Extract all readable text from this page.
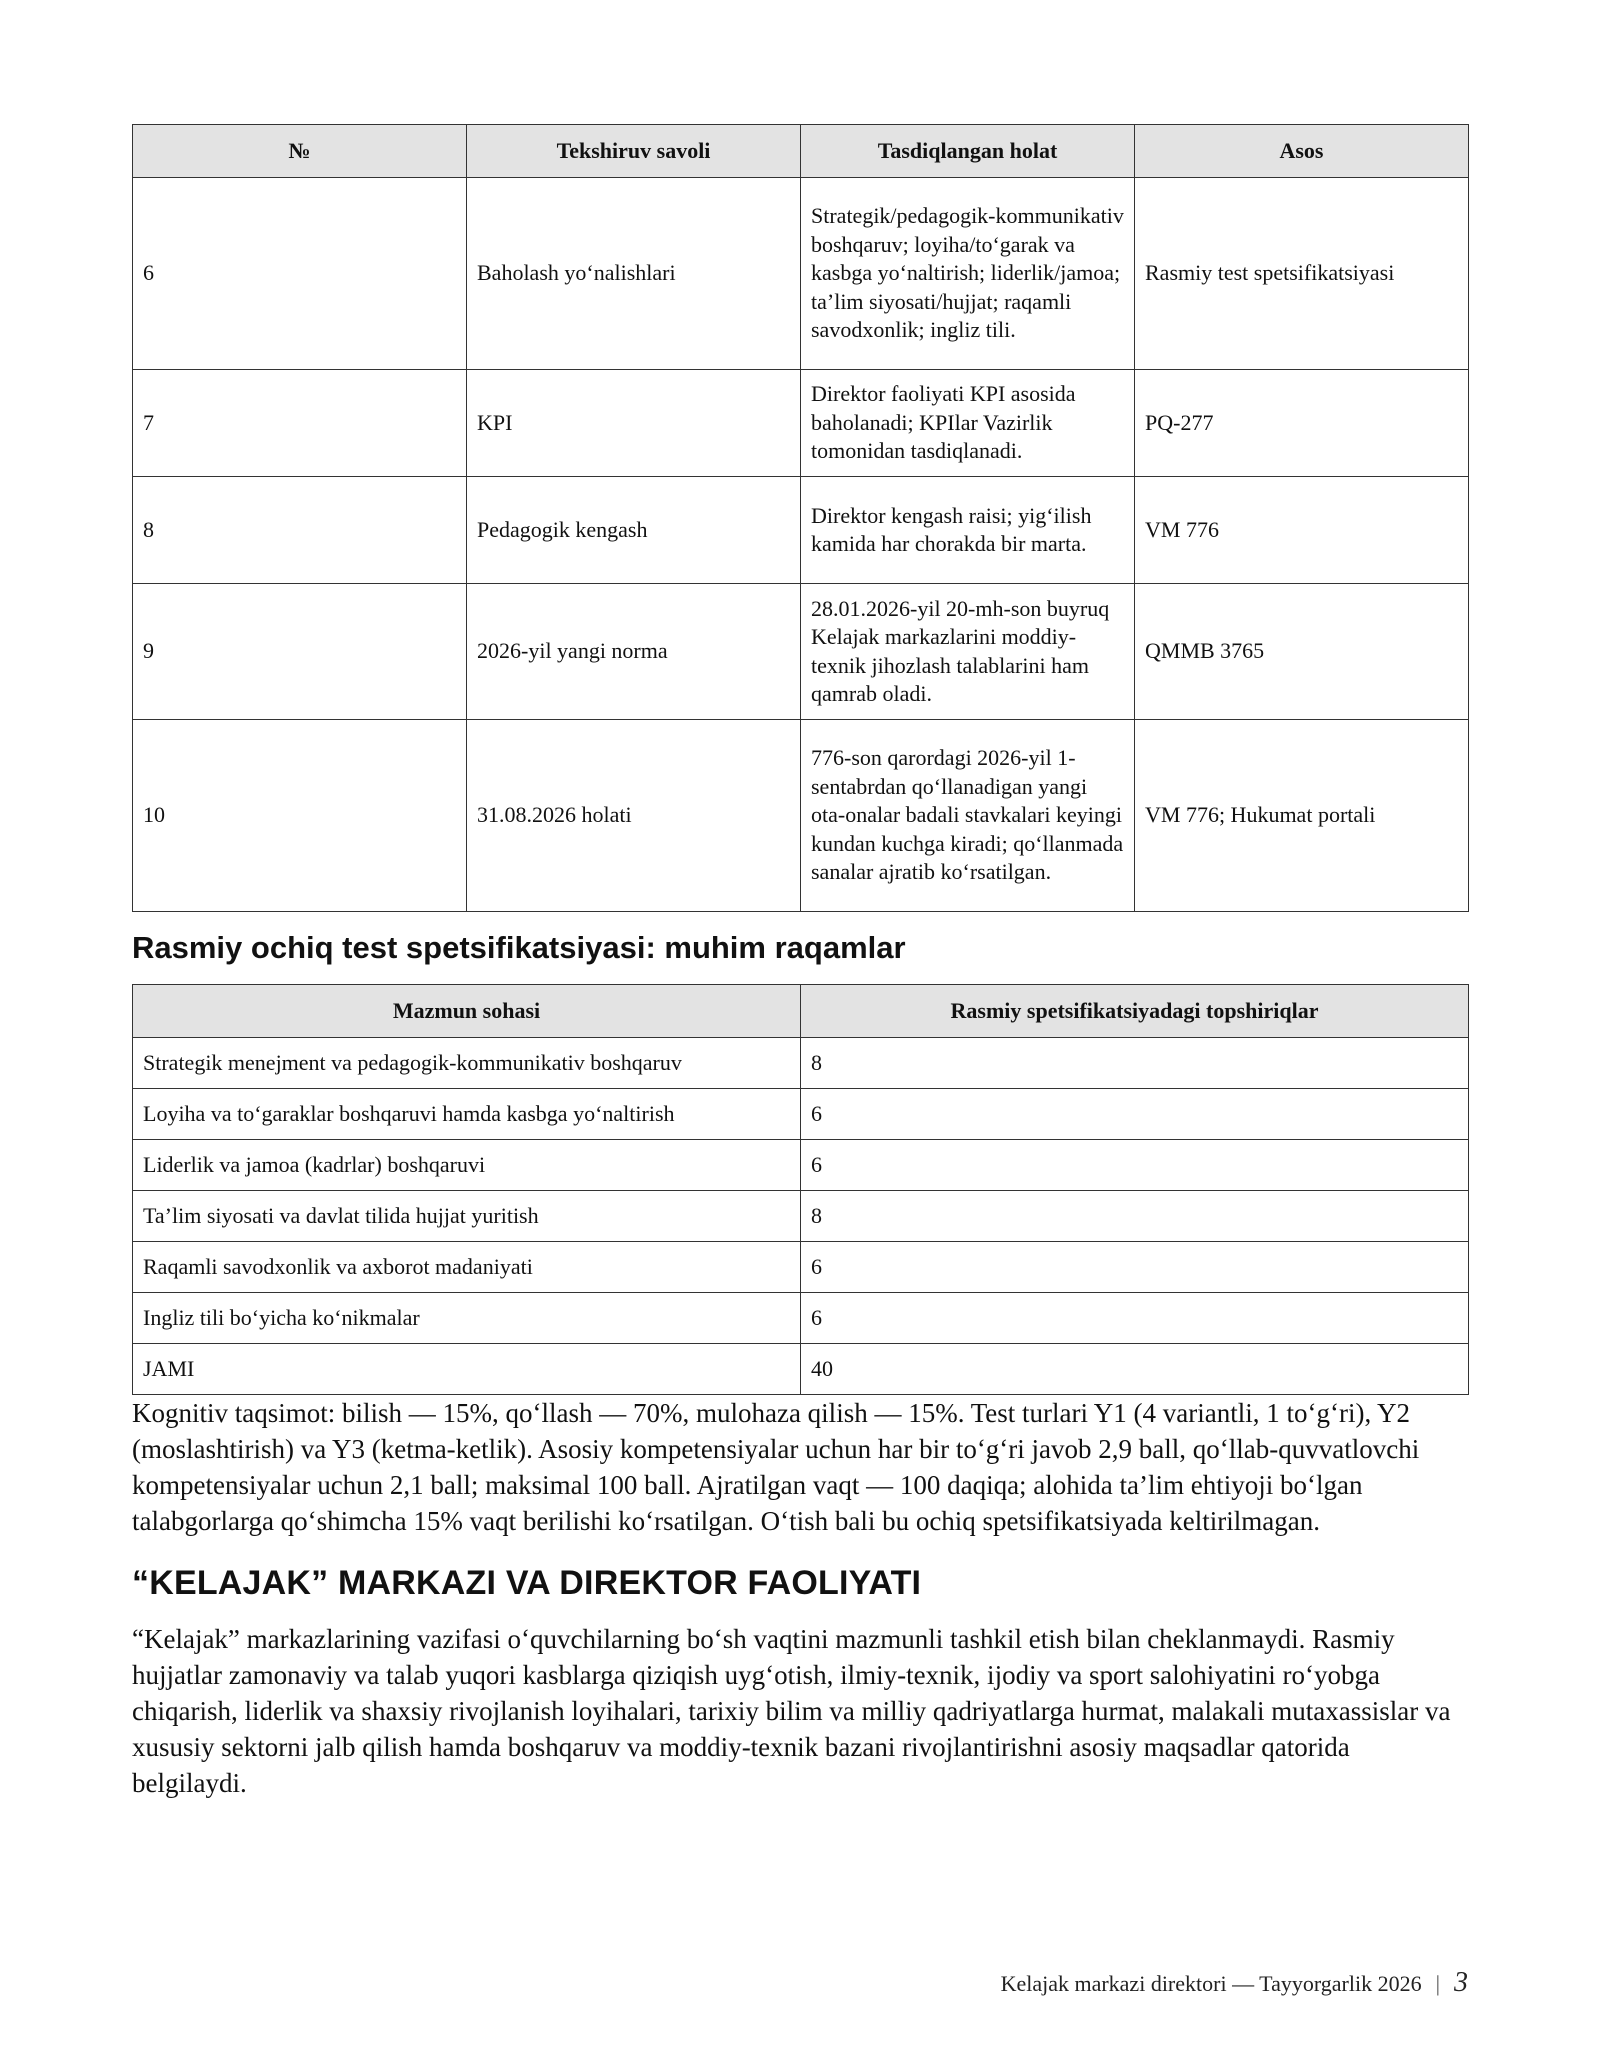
№	Tekshiruv savoli	Tasdiqlangan holat	Asos
6	Baholash yo‘nalishlari	Strategik/pedagogik-kommunikativ boshqaruv; loyiha/to‘garak va kasbga yo‘naltirish; liderlik/jamoa; ta’lim siyosati/hujjat; raqamli savodxonlik; ingliz tili.	Rasmiy test spetsifikatsiyasi
7	KPI	Direktor faoliyati KPI asosida baholanadi; KPIlar Vazirlik tomonidan tasdiqlanadi.	PQ-277
8	Pedagogik kengash	Direktor kengash raisi; yig‘ilish kamida har chorakda bir marta.	VM 776
9	2026-yil yangi norma	28.01.2026-yil 20-mh-son buyruq Kelajak markazlarini moddiy-texnik jihozlash talablarini ham qamrab oladi.	QMMB 3765
10	31.08.2026 holati	776-son qarordagi 2026-yil 1-sentabrdan qo‘llanadigan yangi ota-onalar badali stavkalari keyingi kundan kuchga kiradi; qo‘llanmada sanalar ajratib ko‘rsatilgan.	VM 776; Hukumat portali
Rasmiy ochiq test spetsifikatsiyasi: muhim raqamlar
Mazmun sohasi	Rasmiy spetsifikatsiyadagi topshiriqlar
Strategik menejment va pedagogik-kommunikativ boshqaruv	8
Loyiha va to‘garaklar boshqaruvi hamda kasbga yo‘naltirish	6
Liderlik va jamoa (kadrlar) boshqaruvi	6
Ta’lim siyosati va davlat tilida hujjat yuritish	8
Raqamli savodxonlik va axborot madaniyati	6
Ingliz tili bo‘yicha ko‘nikmalar	6
JAMI	40

Kognitiv taqsimot: bilish — 15%, qo‘llash — 70%, mulohaza qilish — 15%. Test turlari Y1 (4 variantli, 1 to‘g‘ri), Y2 (moslashtirish) va Y3 (ketma-ketlik). Asosiy kompetensiyalar uchun har bir to‘g‘ri javob 2,9 ball, qo‘llab-quvvatlovchi kompetensiyalar uchun 2,1 ball; maksimal 100 ball. Ajratilgan vaqt — 100 daqiqa; alohida ta’lim ehtiyoji bo‘lgan talabgorlarga qo‘shimcha 15% vaqt berilishi ko‘rsatilgan. O‘tish bali bu ochiq spetsifikatsiyada keltirilmagan.

“KELAJAK” MARKAZI VA DIREKTOR FAOLIYATI

“Kelajak” markazlarining vazifasi o‘quvchilarning bo‘sh vaqtini mazmunli tashkil etish bilan cheklanmaydi. Rasmiy hujjatlar zamonaviy va talab yuqori kasblarga qiziqish uyg‘otish, ilmiy-texnik, ijodiy va sport salohiyatini ro‘yobga chiqarish, liderlik va shaxsiy rivojlanish loyihalari, tarixiy bilim va milliy qadriyatlarga hurmat, malakali mutaxassislar va xususiy sektorni jalb qilish hamda boshqaruv va moddiy-texnik bazani rivojlantirishni asosiy maqsadlar qatorida belgilaydi.

Kelajak markazi direktori — Tayyorgarlik 2026 | 3
